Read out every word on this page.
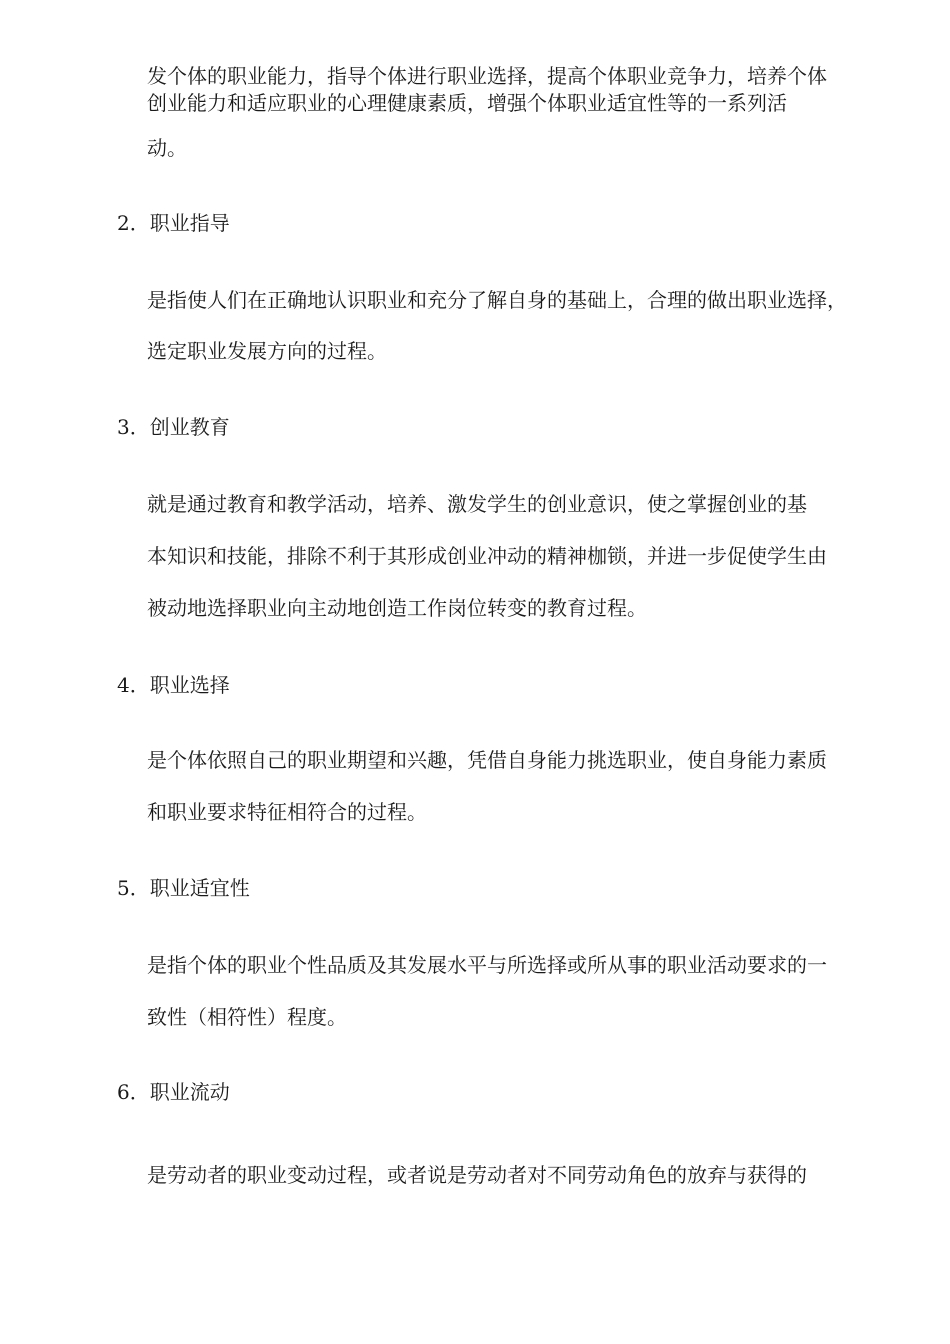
发个体的职业能力，指导个体进行职业选择，提高个体职业竞争力，培养个体

创业能力和适应职业的心理健康素质，增强个体职业适宜性等的一系列活

动。

2．职业指导

是指使人们在正确地认识职业和充分了解自身的基础上，合理的做出职业选择，

选定职业发展方向的过程。

3．创业教育

就是通过教育和教学活动，培养、激发学生的创业意识，使之掌握创业的基

本知识和技能，排除不利于其形成创业冲动的精神枷锁，并进一步促使学生由

被动地选择职业向主动地创造工作岗位转变的教育过程。

4．职业选择

是个体依照自己的职业期望和兴趣，凭借自身能力挑选职业，使自身能力素质

和职业要求特征相符合的过程。

5．职业适宜性

是指个体的职业个性品质及其发展水平与所选择或所从事的职业活动要求的一

致性（相符性）程度。

6．职业流动

是劳动者的职业变动过程，或者说是劳动者对不同劳动角色的放弃与获得的
